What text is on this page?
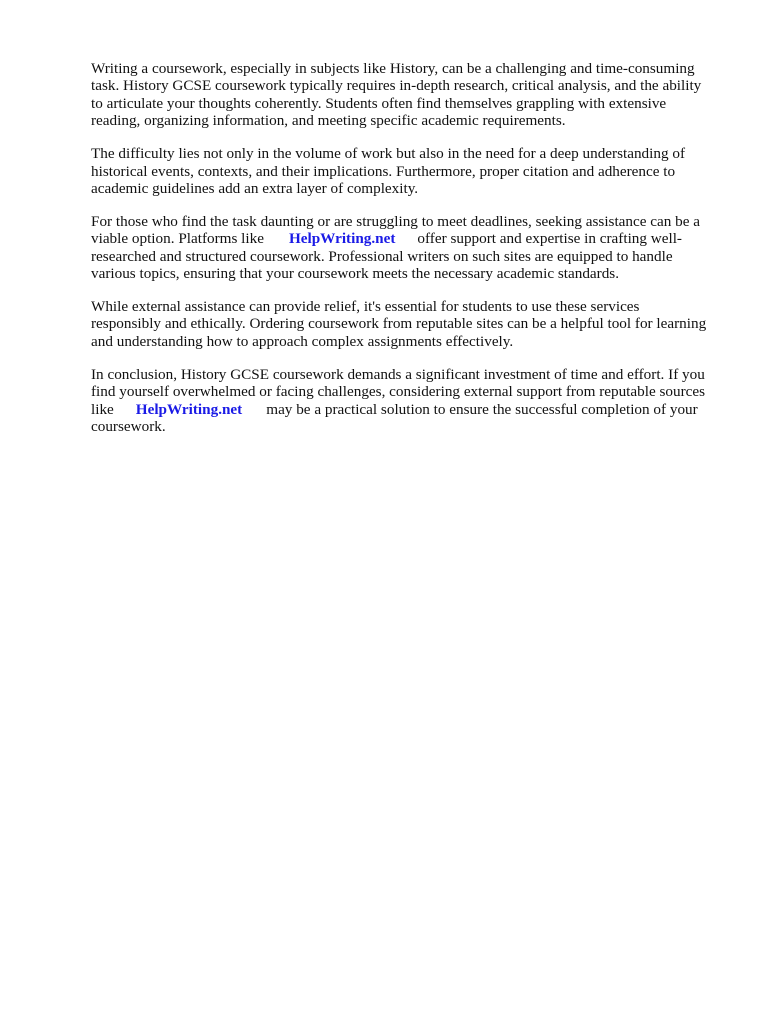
Writing a coursework, especially in subjects like History, can be a challenging and time-consuming
task. History GCSE coursework typically requires in-depth research, critical analysis, and the ability
to articulate your thoughts coherently. Students often find themselves grappling with extensive
reading, organizing information, and meeting specific academic requirements.

The difficulty lies not only in the volume of work but also in the need for a deep understanding of
historical events, contexts, and their implications. Furthermore, proper citation and adherence to
academic guidelines add an extra layer of complexity.

For those who find the task daunting or are struggling to meet deadlines, seeking assistance can be a
viable option. Platforms like HelpWriting.net offer support and expertise in crafting well-
researched and structured coursework. Professional writers on such sites are equipped to handle
various topics, ensuring that your coursework meets the necessary academic standards.

While external assistance can provide relief, it's essential for students to use these services
responsibly and ethically. Ordering coursework from reputable sites can be a helpful tool for learning
and understanding how to approach complex assignments effectively.

In conclusion, History GCSE coursework demands a significant investment of time and effort. If you
find yourself overwhelmed or facing challenges, considering external support from reputable sources
like HelpWriting.net may be a practical solution to ensure the successful completion of your
coursework.
